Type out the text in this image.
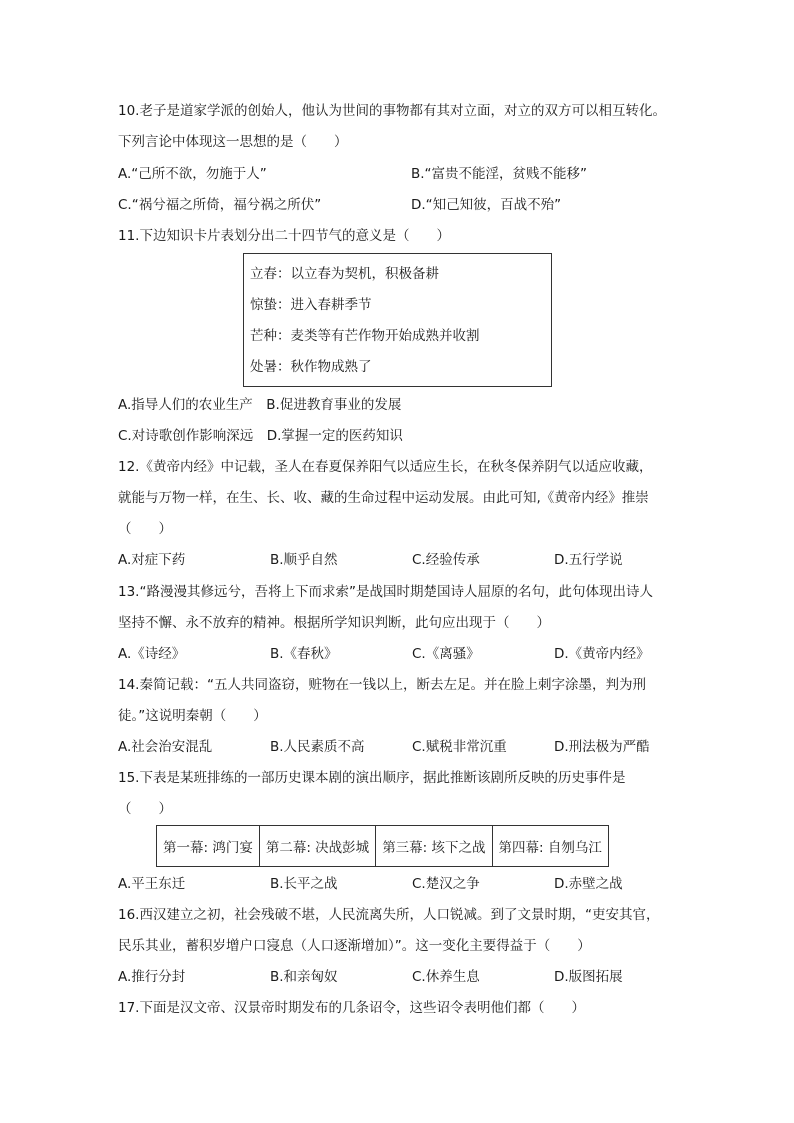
10.老子是道家学派的创始人，他认为世间的事物都有其对立面，对立的双方可以相互转化。
下列言论中体现这一思想的是（　　）
A.“己所不欲，勿施于人”	B.“富贵不能淫，贫贱不能移”
C.“祸兮福之所倚，福兮祸之所伏”	D.“知己知彼，百战不殆”
11.下边知识卡片表划分出二十四节气的意义是（　　）
立春：以立春为契机，积极备耕
惊蛰：进入春耕季节
芒种：麦类等有芒作物开始成熟并收割
处暑：秋作物成熟了
A.指导人们的农业生产　B.促进教育事业的发展
C.对诗歌创作影响深远　D.掌握一定的医药知识
12.《黄帝内经》中记载，圣人在春夏保养阳气以适应生长，在秋冬保养阴气以适应收藏，
就能与万物一样，在生、长、收、藏的生命过程中运动发展。由此可知,《黄帝内经》推崇
（　　）
A.对症下药	B.顺乎自然	C.经验传承	D.五行学说
13.“路漫漫其修远兮，吾将上下而求索”是战国时期楚国诗人屈原的名句，此句体现出诗人
坚持不懈、永不放弃的精神。根据所学知识判断，此句应出现于（　　）
A.《诗经》	B.《春秋》	C.《离骚》	D.《黄帝内经》
14.秦简记载：“五人共同盗窃，赃物在一钱以上，断去左足。并在脸上刺字涂墨，判为刑
徒。”这说明秦朝（　　）
A.社会治安混乱	B.人民素质不高	C.赋税非常沉重	D.刑法极为严酷
15.下表是某班排练的一部历史课本剧的演出顺序，据此推断该剧所反映的历史事件是
（　　）
第一幕: 鸿门宴	第二幕: 决战彭城	第三幕: 垓下之战	第四幕: 自刎乌江
A.平王东迁	B.长平之战	C.楚汉之争	D.赤壁之战
16.西汉建立之初，社会残破不堪，人民流离失所，人口锐减。到了文景时期，“吏安其官，
民乐其业，蓄积岁增户口寖息（人口逐渐增加）”。这一变化主要得益于（　　）
A.推行分封	B.和亲匈奴	C.休养生息	D.版图拓展
17.下面是汉文帝、汉景帝时期发布的几条诏令，这些诏令表明他们都（　　）
